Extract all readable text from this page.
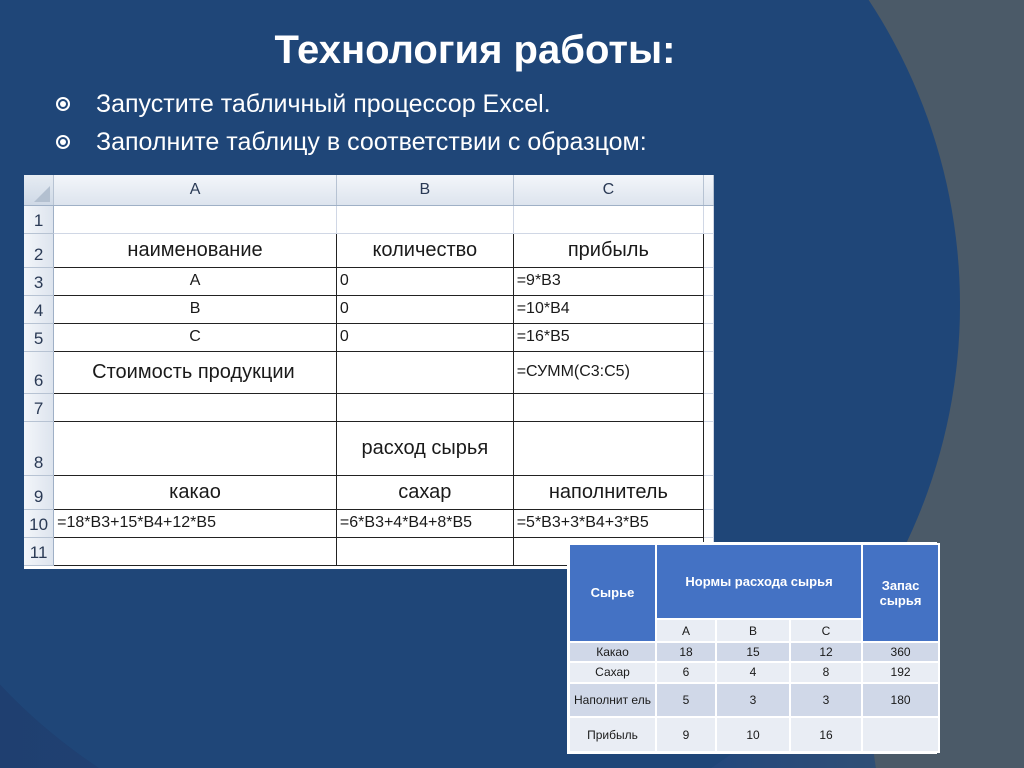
Технология работы:
Запустите табличный процессор Excel.
Заполните таблицу в соответствии с образцом:
	A	B	C	
1				
2	наименование	количество	прибыль	
3	A	0	=9*B3	
4	B	0	=10*B4	
5	C	0	=16*B5	
6	Стоимость продукции		=СУММ(C3:C5)	
7				
8		расход сырья		
9	какао	сахар	наполнитель	
10	=18*B3+15*B4+12*B5	=6*B3+4*B4+8*B5	=5*B3+3*B4+3*B5	
11				
Сырье	Нормы расхода сырья			Запас сырья
	A	B	C	
Какао	18	15	12	360
Сахар	6	4	8	192
Наполнит ель	5	3	3	180
Прибыль	9	10	16	
